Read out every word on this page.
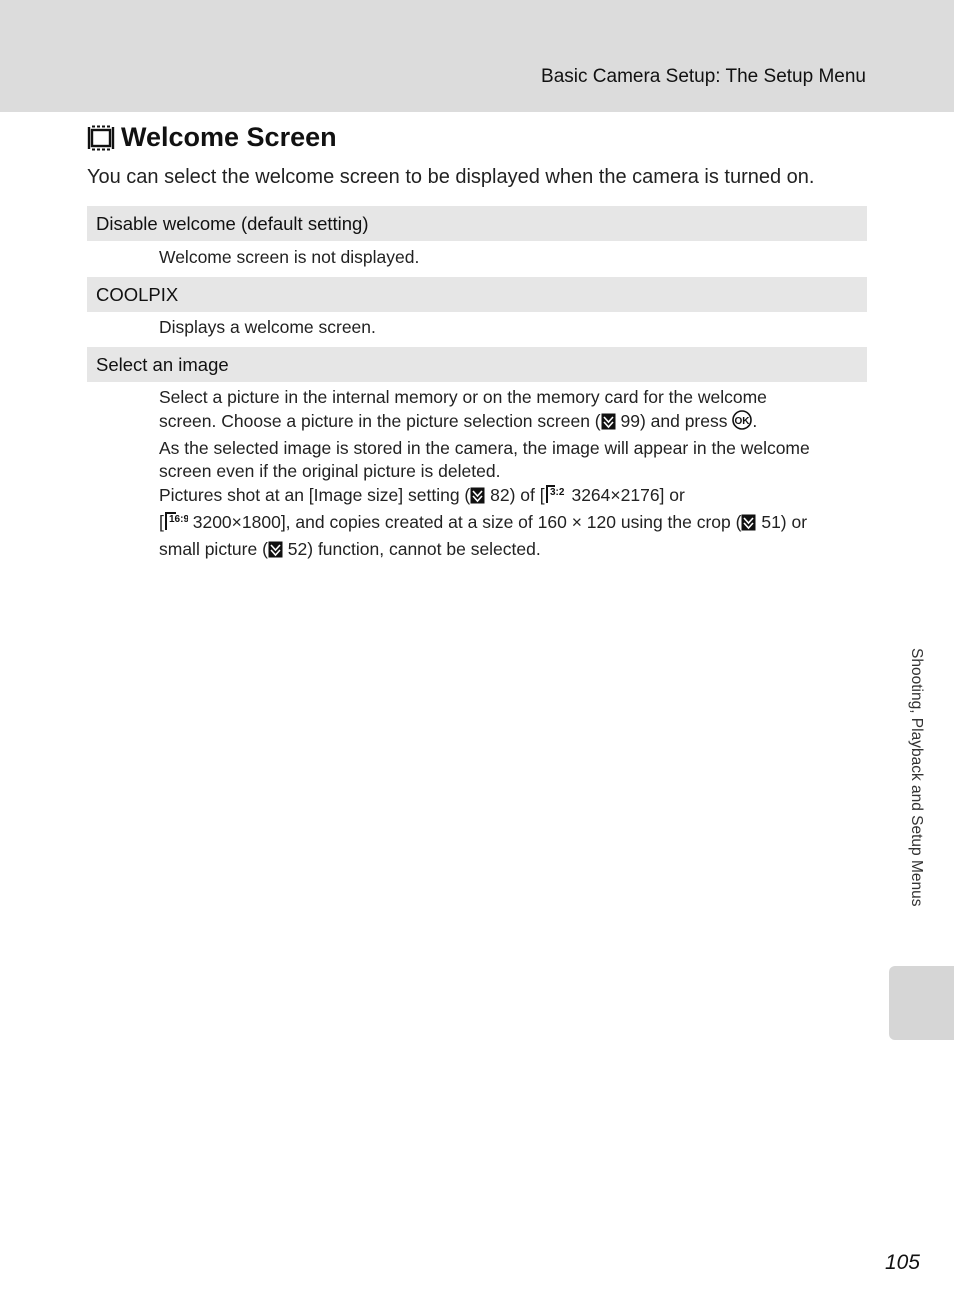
Basic Camera Setup: The Setup Menu
Welcome Screen
You can select the welcome screen to be displayed when the camera is turned on.
Disable welcome (default setting)
Welcome screen is not displayed.
COOLPIX
Displays a welcome screen.
Select an image
Select a picture in the internal memory or on the memory card for the welcome
screen. Choose a picture in the picture selection screen ( 99) and press OK .
As the selected image is stored in the camera, the image will appear in the welcome
screen even if the original picture is deleted.
Pictures shot at an [Image size] setting ( 82) of [ 3:2 3264×2176] or
[ 16:9
3200×1800], and copies created at a size of 160 × 120 using the crop ( 51) or
small picture ( 52) function, cannot be selected.
Shooting, Playback and Setup Menus
105
